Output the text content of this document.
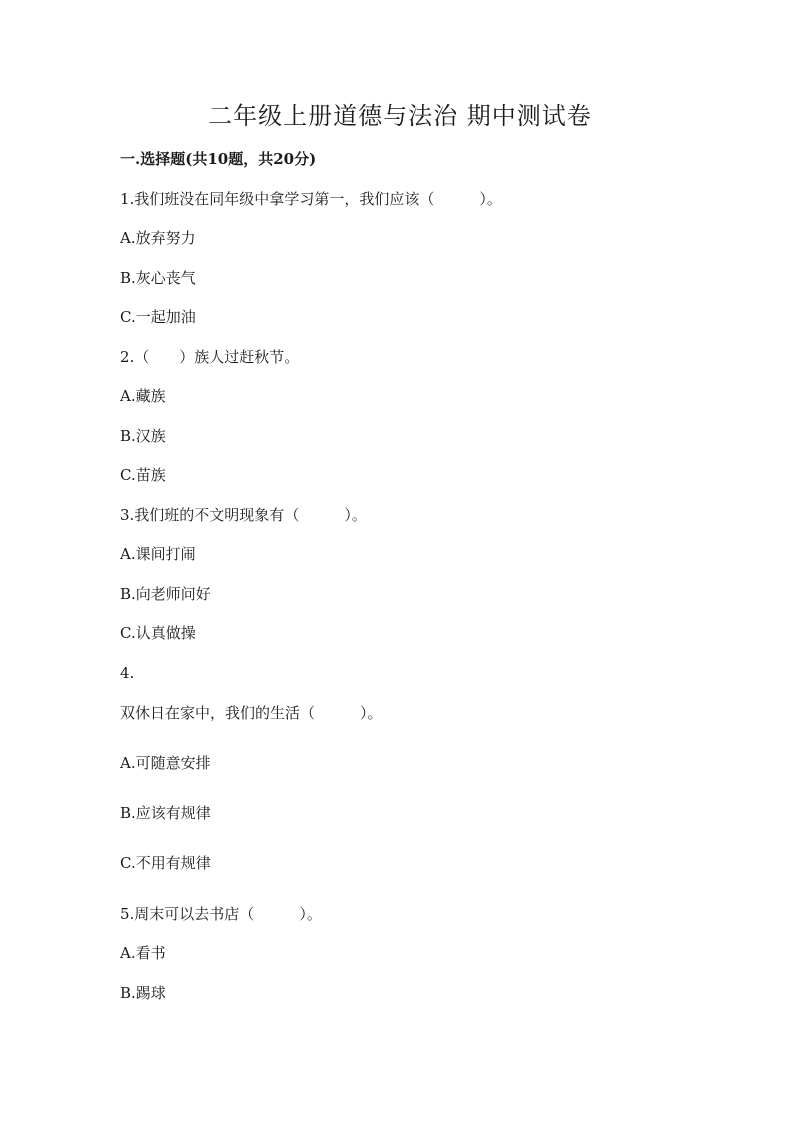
二年级上册道德与法治 期中测试卷
一.选择题(共10题，共20分)
1.我们班没在同年级中拿学习第一，我们应该（　　　）。
A.放弃努力
B.灰心丧气
C.一起加油
2.（　　）族人过赶秋节。
A.藏族
B.汉族
C.苗族
3.我们班的不文明现象有（　　　）。
A.课间打闹
B.向老师问好
C.认真做操
4.
双休日在家中，我们的生活（　　　）。
A.可随意安排
B.应该有规律
C.不用有规律
5.周末可以去书店（　　　）。
A.看书
B.踢球
